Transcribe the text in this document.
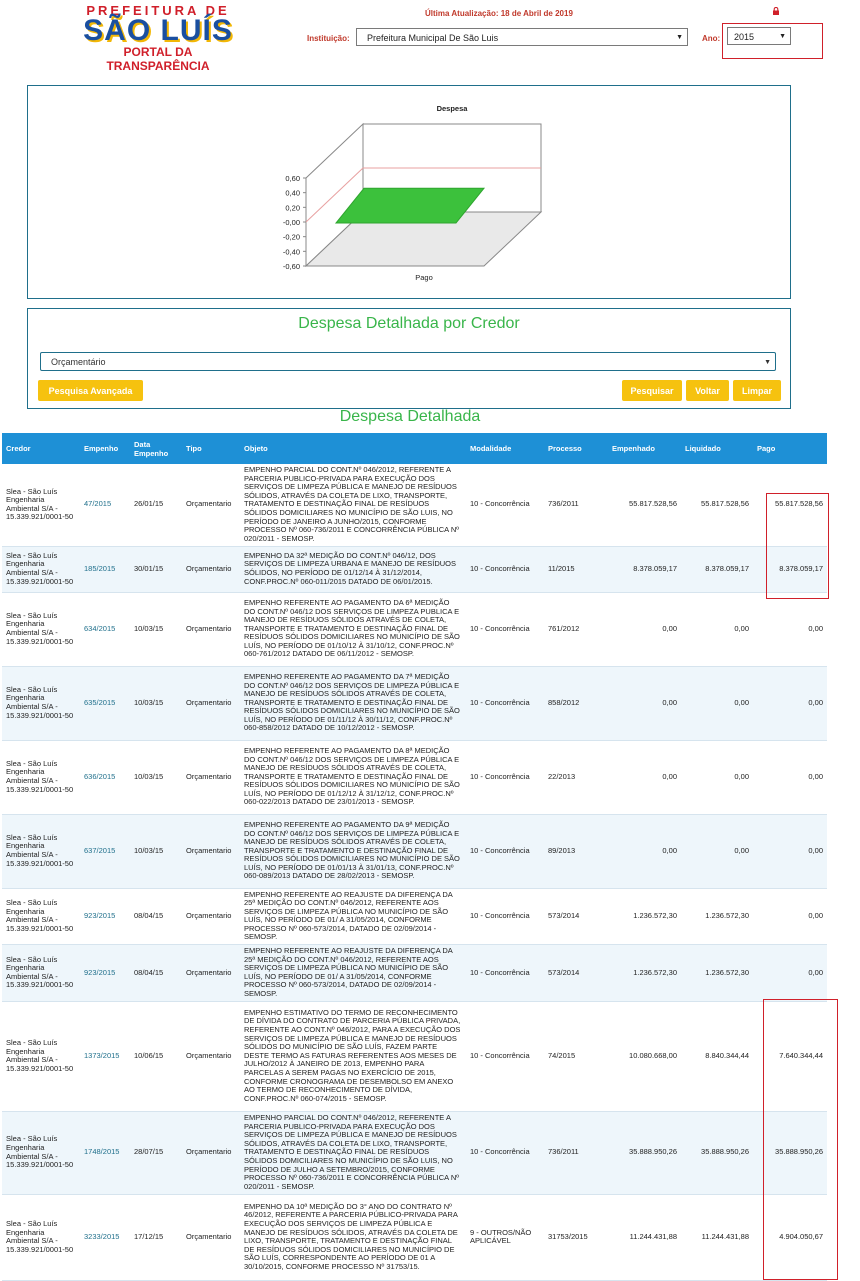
PREFEITURA DE
SÃO LUÍS
PORTAL DA TRANSPARÊNCIA
Última Atualização: 18 de Abril de 2019
Instituição:	Prefeitura Municipal De São Luis	▼ Ano:	2015	▼
0,60
0,40
0,20
-0,00
-0,20
-0,40
-0,60
Pago
Despesa
Despesa Detalhada por Credor
Orçamentário	▼
Pesquisa Avançada	Pesquisar	Voltar	Limpar
Despesa Detalhada
Credor	Empenho	Data Empenho	Tipo	Objeto	Modalidade	Processo	Empenhado	Liquidado	Pago
Slea - São Luís Engenharia Ambiental S/A - 15.339.921/0001-50	47/2015	26/01/15	Orçamentario	EMPENHO PARCIAL DO CONT.Nº 046/2012, REFERENTE A PARCERIA PUBLICO-PRIVADA PARA EXECUÇÃO DOS SERVIÇOS DE LIMPEZA PÚBLICA E MANEJO DE RESÍDUOS SÓLIDOS, ATRAVÉS DA COLETA DE LIXO, TRANSPORTE, TRATAMENTO E DESTINAÇÃO FINAL DE RESÍDUOS SÓLIDOS DOMICILIARES NO MUNICÍPIO DE SÃO LUIS, NO PERÍODO DE JANEIRO A JUNHO/2015, CONFORME PROCESSO Nº 060-736/2011 E CONCORRÊNCIA PÚBLICA Nº 020/2011 - SEMOSP.	10 - Concorrência	736/2011	55.817.528,56	55.817.528,56	55.817.528,56
Slea - São Luís Engenharia Ambiental S/A - 15.339.921/0001-50	185/2015	30/01/15	Orçamentario	EMPENHO DA 32ª MEDIÇÃO DO CONT.Nº 046/12, DOS SERVIÇOS DE LIMPEZA URBANA E MANEJO DE RESÍDUOS SÓLIDOS, NO PERÍODO DE 01/12/14 À 31/12/2014, CONF.PROC.Nº 060-011/2015 DATADO DE 06/01/2015.	10 - Concorrência	11/2015	8.378.059,17	8.378.059,17	8.378.059,17
Slea - São Luís Engenharia Ambiental S/A - 15.339.921/0001-50	634/2015	10/03/15	Orçamentario	EMPENHO REFERENTE AO PAGAMENTO DA 6ª MEDIÇÃO DO CONT.Nº 046/12 DOS SERVIÇOS DE LIMPEZA PUBLICA E MANEJO DE RESÍDUOS SÓLIDOS ATRAVÉS DE COLETA, TRANSPORTE E TRATAMENTO E DESTINAÇÃO FINAL DE RESÍDUOS SÓLIDOS DOMICILIARES NO MUNICÍPIO DE SÃO LUÍS, NO PERÍODO DE 01/10/12 À 31/10/12, CONF.PROC.Nº 060-761/2012 DATADO DE 06/11/2012 - SEMOSP.	10 - Concorrência	761/2012	0,00	0,00	0,00
Slea - São Luís Engenharia Ambiental S/A - 15.339.921/0001-50	635/2015	10/03/15	Orçamentario	EMPENHO REFERENTE AO PAGAMENTO DA 7ª MEDIÇÃO DO CONT.Nº 046/12 DOS SERVIÇOS DE LIMPEZA PÚBLICA E MANEJO DE RESÍDUOS SÓLIDOS ATRAVÉS DE COLETA, TRANSPORTE E TRATAMENTO E DESTINAÇÃO FINAL DE RESÍDUOS SÓLIDOS DOMICILIARES NO MUNICÍPIO DE SÃO LUÍS, NO PERÍODO DE 01/11/12 À 30/11/12, CONF.PROC.Nº 060-858/2012 DATADO DE 10/12/2012 - SEMOSP.	10 - Concorrência	858/2012	0,00	0,00	0,00
Slea - São Luís Engenharia Ambiental S/A - 15.339.921/0001-50	636/2015	10/03/15	Orçamentario	EMPENHO REFERENTE AO PAGAMENTO DA 8ª MEDIÇÃO DO CONT.Nº 046/12 DOS SERVIÇOS DE LIMPEZA PÚBLICA E MANEJO DE RESÍDUOS SÓLIDOS ATRAVÉS DE COLETA, TRANSPORTE E TRATAMENTO E DESTINAÇÃO FINAL DE RESÍDUOS SÓLIDOS DOMICILIARES NO MUNICÍPIO DE SÃO LUÍS, NO PERÍODO DE 01/12/12 À 31/12/12, CONF.PROC.Nº 060-022/2013 DATADO DE 23/01/2013 - SEMOSP.	10 - Concorrência	22/2013	0,00	0,00	0,00
Slea - São Luís Engenharia Ambiental S/A - 15.339.921/0001-50	637/2015	10/03/15	Orçamentario	EMPENHO REFERENTE AO PAGAMENTO DA 9ª MEDIÇÃO DO CONT.Nº 046/12 DOS SERVIÇOS DE LIMPEZA PÚBLICA E MANEJO DE RESÍDUOS SÓLIDOS ATRAVÉS DE COLETA, TRANSPORTE E TRATAMENTO E DESTINAÇÃO FINAL DE RESÍDUOS SÓLIDOS DOMICILIARES NO MUNICÍPIO DE SÃO LUÍS, NO PERÍODO DE 01/01/13 À 31/01/13, CONF.PROC.Nº 060-089/2013 DATADO DE 28/02/2013 - SEMOSP.	10 - Concorrência	89/2013	0,00	0,00	0,00
Slea - São Luís Engenharia Ambiental S/A - 15.339.921/0001-50	923/2015	08/04/15	Orçamentario	EMPENHO REFERENTE AO REAJUSTE DA DIFERENÇA DA 25ª MEDIÇÃO DO CONT.Nº 046/2012, REFERENTE AOS SERVIÇOS DE LIMPEZA PÚBLICA NO MUNICÍPIO DE SÃO LUÍS, NO PERÍODO DE 01/ A 31/05/2014, CONFORME PROCESSO Nº 060-573/2014, DATADO DE 02/09/2014 - SEMOSP.	10 - Concorrência	573/2014	1.236.572,30	1.236.572,30	0,00
Slea - São Luís Engenharia Ambiental S/A - 15.339.921/0001-50	923/2015	08/04/15	Orçamentario	EMPENHO REFERENTE AO REAJUSTE DA DIFERENÇA DA 25ª MEDIÇÃO DO CONT.Nº 046/2012, REFERENTE AOS SERVIÇOS DE LIMPEZA PÚBLICA NO MUNICÍPIO DE SÃO LUÍS, NO PERÍODO DE 01/ A 31/05/2014, CONFORME PROCESSO Nº 060-573/2014, DATADO DE 02/09/2014 - SEMOSP.	10 - Concorrência	573/2014	1.236.572,30	1.236.572,30	0,00
Slea - São Luís Engenharia Ambiental S/A - 15.339.921/0001-50	1373/2015	10/06/15	Orçamentario	EMPENHO ESTIMATIVO DO TERMO DE RECONHECIMENTO DE DÍVIDA DO CONTRATO DE PARCERIA PÚBLICA PRIVADA, REFERENTE AO CONT.Nº 046/2012, PARA A EXECUÇÃO DOS SERVIÇOS DE LIMPEZA PÚBLICA E MANEJO DE RESÍDUOS SÓLIDOS DO MUNICÍPIO DE SÃO LUÍS, FAZEM PARTE DESTE TERMO AS FATURAS REFERENTES AOS MESES DE JULHO/2012 À JANEIRO DE 2013, EMPENHO PARA PARCELAS A SEREM PAGAS NO EXERCÍCIO DE 2015, CONFORME CRONOGRAMA DE DESEMBOLSO EM ANEXO AO TERMO DE RECONHECIMENTO DE DÍVIDA, CONF.PROC.Nº 060-074/2015 - SEMOSP.	10 - Concorrência	74/2015	10.080.668,00	8.840.344,44	7.640.344,44
Slea - São Luís Engenharia Ambiental S/A - 15.339.921/0001-50	1748/2015	28/07/15	Orçamentario	EMPENHO PARCIAL DO CONT.Nº 046/2012, REFERENTE A PARCERIA PUBLICO-PRIVADA PARA EXECUÇÃO DOS SERVIÇOS DE LIMPEZA PÚBLICA E MANEJO DE RESÍDUOS SÓLIDOS, ATRAVÉS DA COLETA DE LIXO, TRANSPORTE, TRATAMENTO E DESTINAÇÃO FINAL DE RESÍDUOS SÓLIDOS DOMICILIARES NO MUNICÍPIO DE SÃO LUIS, NO PERÍODO DE JULHO A SETEMBRO/2015, CONFORME PROCESSO Nº 060-736/2011 E CONCORRÊNCIA PÚBLICA Nº 020/2011 - SEMOSP.	10 - Concorrência	736/2011	35.888.950,26	35.888.950,26	35.888.950,26
Slea - São Luís Engenharia Ambiental S/A - 15.339.921/0001-50	3233/2015	17/12/15	Orçamentario	EMPENHO DA 10ª MEDIÇÃO DO 3° ANO DO CONTRATO Nº 46/2012, REFERENTE A PARCERIA PÚBLICO-PRIVADA PARA EXECUÇÃO DOS SERVIÇOS DE LIMPEZA PÚBLICA E MANEJO DE RESÍDUOS SÓLIDOS, ATRAVÉS DA COLETA DE LIXO, TRANSPORTE, TRATAMENTO E DESTINAÇÃO FINAL DE RESÍDUOS SÓLIDOS DOMICILIARES NO MUNICÍPIO DE SÃO LUÍS, CORRESPONDENTE AO PERÍODO DE 01 A 30/10/2015, CONFORME PROCESSO Nº 31753/15.	9 - OUTROS/NÃO APLICÁVEL	31753/2015	11.244.431,88	11.244.431,88	4.904.050,67
